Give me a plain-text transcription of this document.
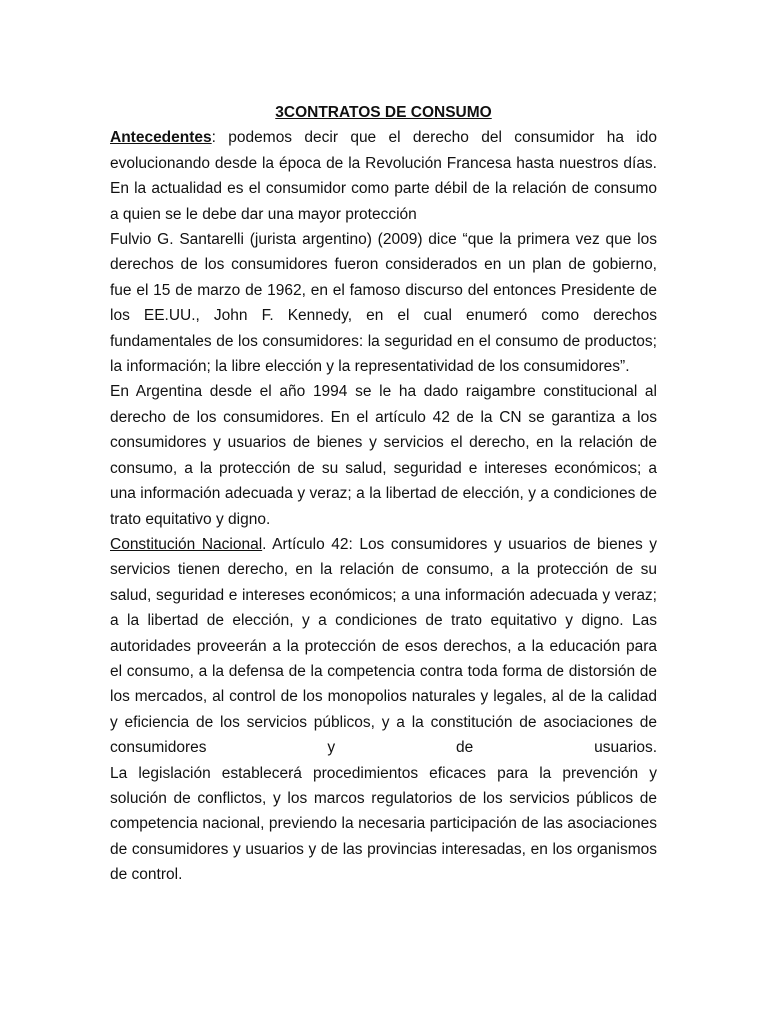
3CONTRATOS DE CONSUMO

Antecedentes: podemos decir que el derecho del consumidor ha ido evolucionando desde la época de la Revolución Francesa hasta nuestros días. En la actualidad es el consumidor como parte débil de la relación de consumo a quien se le debe dar una mayor protección

Fulvio G. Santarelli (jurista argentino) (2009) dice “que la primera vez que los derechos de los consumidores fueron considerados en un plan de gobierno, fue el 15 de marzo de 1962, en el famoso discurso del entonces Presidente de los EE.UU., John F. Kennedy, en el cual enumeró como derechos fundamentales de los consumidores: la seguridad en el consumo de productos; la información; la libre elección y la representatividad de los consumidores”.

En Argentina desde el año 1994 se le ha dado raigambre constitucional al derecho de los consumidores. En el artículo 42 de la CN se garantiza a los consumidores y usuarios de bienes y servicios el derecho, en la relación de consumo, a la protección de su salud, seguridad e intereses económicos; a una información adecuada y veraz; a la libertad de elección, y a condiciones de trato equitativo y digno.

Constitución Nacional. Artículo 42: Los consumidores y usuarios de bienes y servicios tienen derecho, en la relación de consumo, a la protección de su salud, seguridad e intereses económicos; a una información adecuada y veraz; a la libertad de elección, y a condiciones de trato equitativo y digno. Las autoridades proveerán a la protección de esos derechos, a la educación para el consumo, a la defensa de la competencia contra toda forma de distorsión de los mercados, al control de los monopolios naturales y legales, al de la calidad y eficiencia de los servicios públicos, y a la constitución de asociaciones de consumidores y de usuarios.

La legislación establecerá procedimientos eficaces para la prevención y solución de conflictos, y los marcos regulatorios de los servicios públicos de competencia nacional, previendo la necesaria participación de las asociaciones de consumidores y usuarios y de las provincias interesadas, en los organismos de control.
